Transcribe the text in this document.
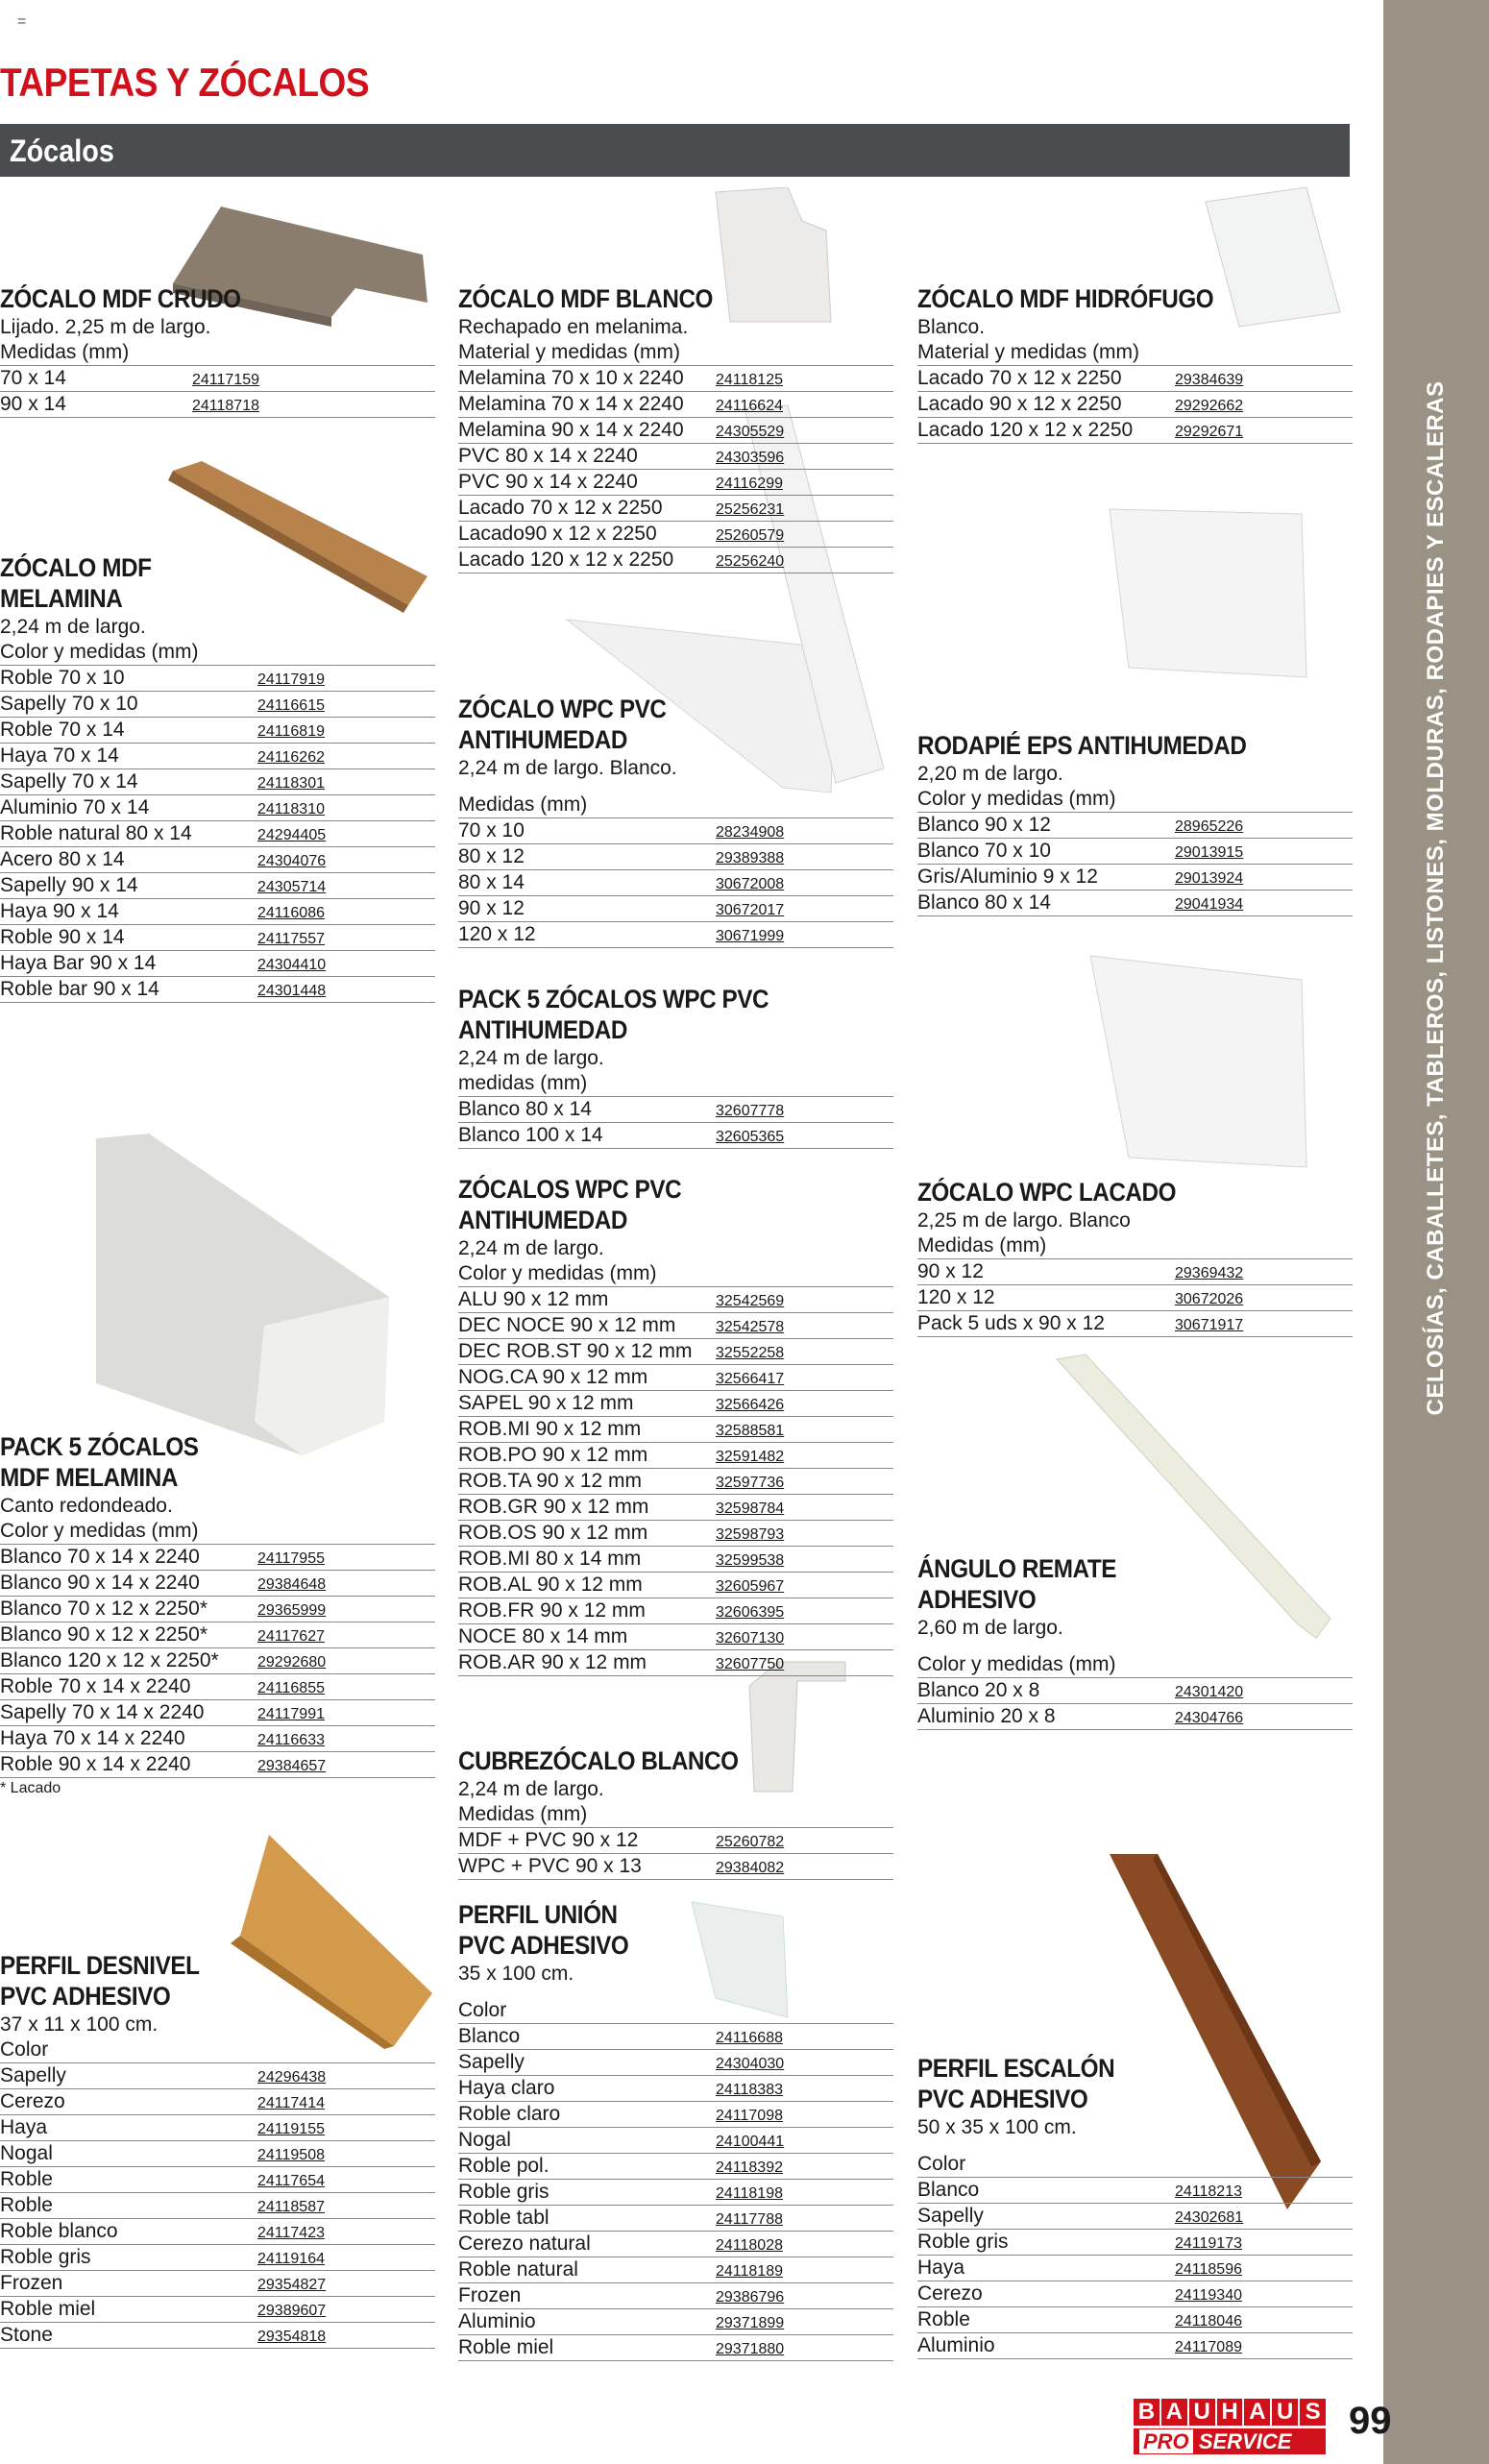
=
TAPETAS Y ZÓCALOS
Zócalos
CELOSÍAS, CABALLETES, TABLEROS, LISTONES, MOLDURAS, RODAPIES Y ESCALERAS
ZÓCALO MDF CRUDO
Lijado. 2,25 m de largo.
Medidas (mm)
70 x 14	24117159
90 x 14	24118718
ZÓCALO MDF MELAMINA
2,24 m de largo.
Color y medidas (mm)
Roble 70 x 10	24117919
Sapelly 70 x 10	24116615
Roble 70 x 14	24116819
Haya 70 x 14	24116262
Sapelly 70 x 14	24118301
Aluminio 70 x 14	24118310
Roble natural 80 x 14	24294405
Acero 80 x 14	24304076
Sapelly 90 x 14	24305714
Haya 90 x 14	24116086
Roble 90 x 14	24117557
Haya Bar 90 x 14	24304410
Roble bar 90 x 14	24301448
PACK 5 ZÓCALOS MDF MELAMINA
Canto redondeado.
Color y medidas (mm)
Blanco 70 x 14 x 2240	24117955
Blanco 90 x 14 x 2240	29384648
Blanco 70 x 12 x 2250*	29365999
Blanco 90 x 12 x 2250*	24117627
Blanco 120 x 12 x 2250*	29292680
Roble 70 x 14 x 2240	24116855
Sapelly 70 x 14 x 2240	24117991
Haya 70 x 14 x 2240	24116633
Roble 90 x 14 x 2240	29384657
* Lacado
PERFIL DESNIVEL PVC ADHESIVO
37 x 11 x 100 cm.
Color
Sapelly	24296438
Cerezo	24117414
Haya	24119155
Nogal	24119508
Roble	24117654
Roble	24118587
Roble blanco	24117423
Roble gris	24119164
Frozen	29354827
Roble miel	29389607
Stone	29354818
ZÓCALO MDF BLANCO
Rechapado en melanima.
Material y medidas (mm)
Melamina 70 x 10 x 2240 24118125
Melamina 70 x 14 x 2240 24116624
Melamina 90 x 14 x 2240 24305529
PVC 80 x 14 x 2240	24303596
PVC 90 x 14 x 2240	24116299
Lacado 70 x 12 x 2250	25256231
Lacado90 x 12 x 2250	25260579
Lacado 120 x 12 x 2250	25256240
ZÓCALO WPC PVC ANTIHUMEDAD
2,24 m de largo. Blanco.
Medidas (mm)
70 x 10	28234908
80 x 12	29389388
80 x 14	30672008
90 x 12	30672017
120 x 12	30671999
PACK 5 ZÓCALOS WPC PVC ANTIHUMEDAD
2,24 m de largo.
medidas (mm)
Blanco 80 x 14	32607778
Blanco 100 x 14	32605365
ZÓCALOS WPC PVC ANTIHUMEDAD
2,24 m de largo.
Color y medidas (mm)
ALU 90 x 12 mm	32542569
DEC NOCE 90 x 12 mm	32542578
DEC ROB.ST 90 x 12 mm 32552258
NOG.CA 90 x 12 mm	32566417
SAPEL 90 x 12 mm	32566426
ROB.MI 90 x 12 mm	32588581
ROB.PO 90 x 12 mm	32591482
ROB.TA 90 x 12 mm	32597736
ROB.GR 90 x 12 mm	32598784
ROB.OS 90 x 12 mm	32598793
ROB.MI 80 x 14 mm	32599538
ROB.AL 90 x 12 mm	32605967
ROB.FR 90 x 12 mm	32606395
NOCE 80 x 14 mm	32607130
ROB.AR 90 x 12 mm	32607750
CUBREZÓCALO BLANCO
2,24 m de largo.
Medidas (mm)
MDF + PVC 90 x 12	25260782
WPC + PVC 90 x 13	29384082
PERFIL UNIÓN PVC ADHESIVO
35 x 100 cm.
Color
Blanco	24116688
Sapelly	24304030
Haya claro	24118383
Roble claro	24117098
Nogal	24100441
Roble pol.	24118392
Roble gris	24118198
Roble tabl	24117788
Cerezo natural	24118028
Roble natural	24118189
Frozen	29386796
Aluminio	29371899
Roble miel	29371880
ZÓCALO MDF HIDRÓFUGO
Blanco.
Material y medidas (mm)
Lacado 70 x 12 x 2250	29384639
Lacado 90 x 12 x 2250	29292662
Lacado 120 x 12 x 2250	29292671
RODAPIÉ EPS ANTIHUMEDAD
2,20 m de largo.
Color y medidas (mm)
Blanco 90 x 12	28965226
Blanco 70 x 10	29013915
Gris/Aluminio 9 x 12	29013924
Blanco 80 x 14	29041934
ZÓCALO WPC LACADO
2,25 m de largo. Blanco
Medidas (mm)
90 x 12	29369432
120 x 12	30672026
Pack 5 uds x 90 x 12	30671917
ÁNGULO REMATE ADHESIVO
2,60 m de largo.
Color y medidas (mm)
Blanco 20 x 8	24301420
Aluminio 20 x 8	24304766
PERFIL ESCALÓN PVC ADHESIVO
50 x 35 x 100 cm.
Color
Blanco	24118213
Sapelly	24302681
Roble gris	24119173
Haya	24118596
Cerezo	24119340
Roble	24118046
Aluminio	24117089
B A U H A U S
PRO SERVICE	99
